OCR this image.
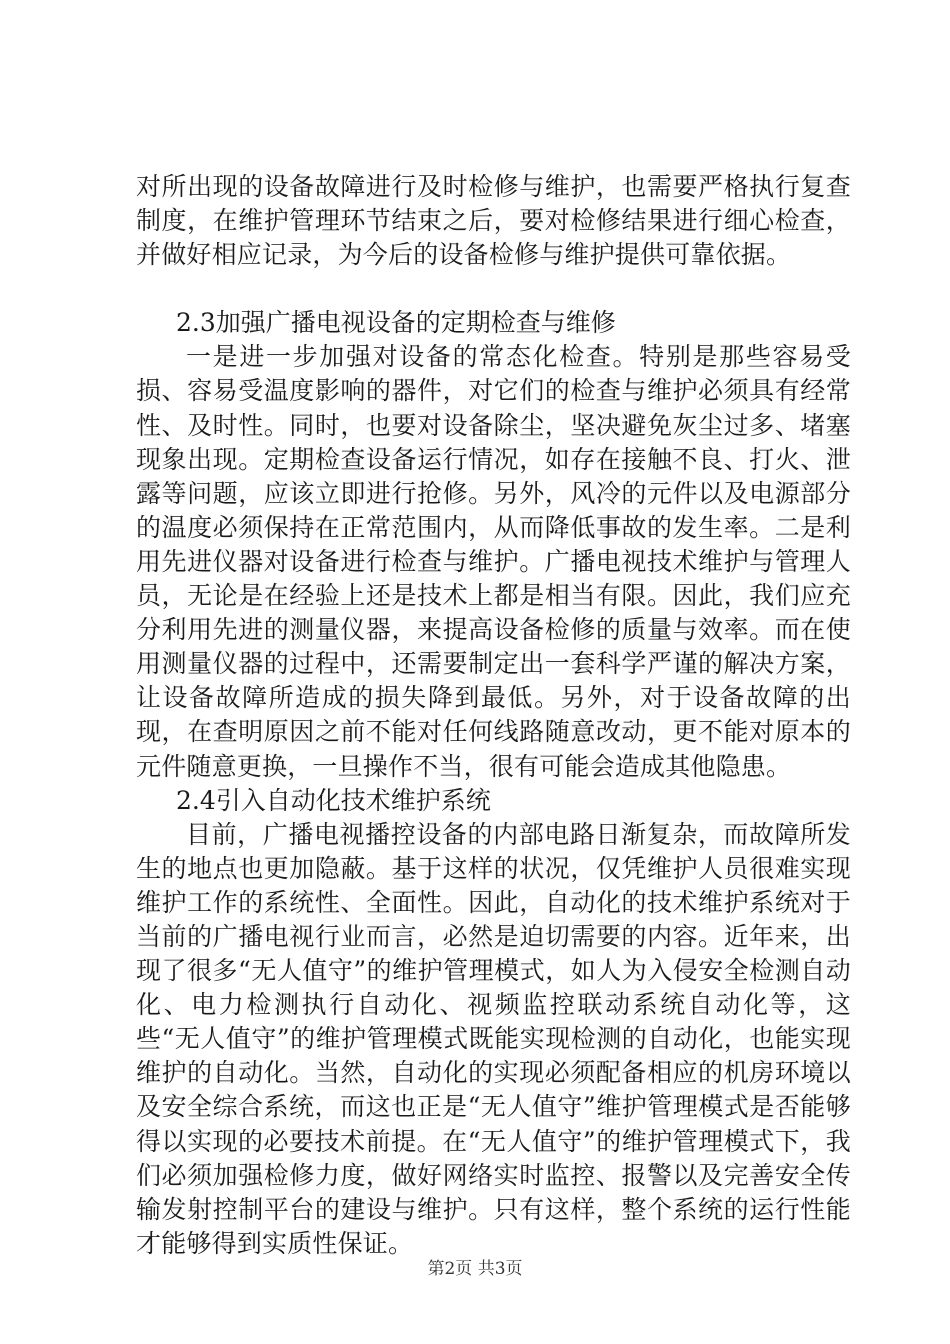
对所出现的设备故障进行及时检修与维护，也需要严格执行复查制度，在维护管理环节结束之后，要对检修结果进行细心检查，并做好相应记录，为今后的设备检修与维护提供可靠依据。

2.3加强广播电视设备的定期检查与维修

一是进一步加强对设备的常态化检查。特别是那些容易受损、容易受温度影响的器件，对它们的检查与维护必须具有经常性、及时性。同时，也要对设备除尘，坚决避免灰尘过多、堵塞现象出现。定期检查设备运行情况，如存在接触不良、打火、泄露等问题，应该立即进行抢修。另外，风冷的元件以及电源部分的温度必须保持在正常范围内，从而降低事故的发生率。二是利用先进仪器对设备进行检查与维护。广播电视技术维护与管理人员，无论是在经验上还是技术上都是相当有限。因此，我们应充分利用先进的测量仪器，来提高设备检修的质量与效率。而在使用测量仪器的过程中，还需要制定出一套科学严谨的解决方案，让设备故障所造成的损失降到最低。另外，对于设备故障的出现，在查明原因之前不能对任何线路随意改动，更不能对原本的元件随意更换，一旦操作不当，很有可能会造成其他隐患。

2.4引入自动化技术维护系统

目前，广播电视播控设备的内部电路日渐复杂，而故障所发生的地点也更加隐蔽。基于这样的状况，仅凭维护人员很难实现维护工作的系统性、全面性。因此，自动化的技术维护系统对于当前的广播电视行业而言，必然是迫切需要的内容。近年来，出现了很多“无人值守”的维护管理模式，如人为入侵安全检测自动化、电力检测执行自动化、视频监控联动系统自动化等，这些“无人值守”的维护管理模式既能实现检测的自动化，也能实现维护的自动化。当然，自动化的实现必须配备相应的机房环境以及安全综合系统，而这也正是“无人值守”维护管理模式是否能够得以实现的必要技术前提。在“无人值守”的维护管理模式下，我们必须加强检修力度，做好网络实时监控、报警以及完善安全传输发射控制平台的建设与维护。只有这样，整个系统的运行性能才能够得到实质性保证。

第2页 共3页
